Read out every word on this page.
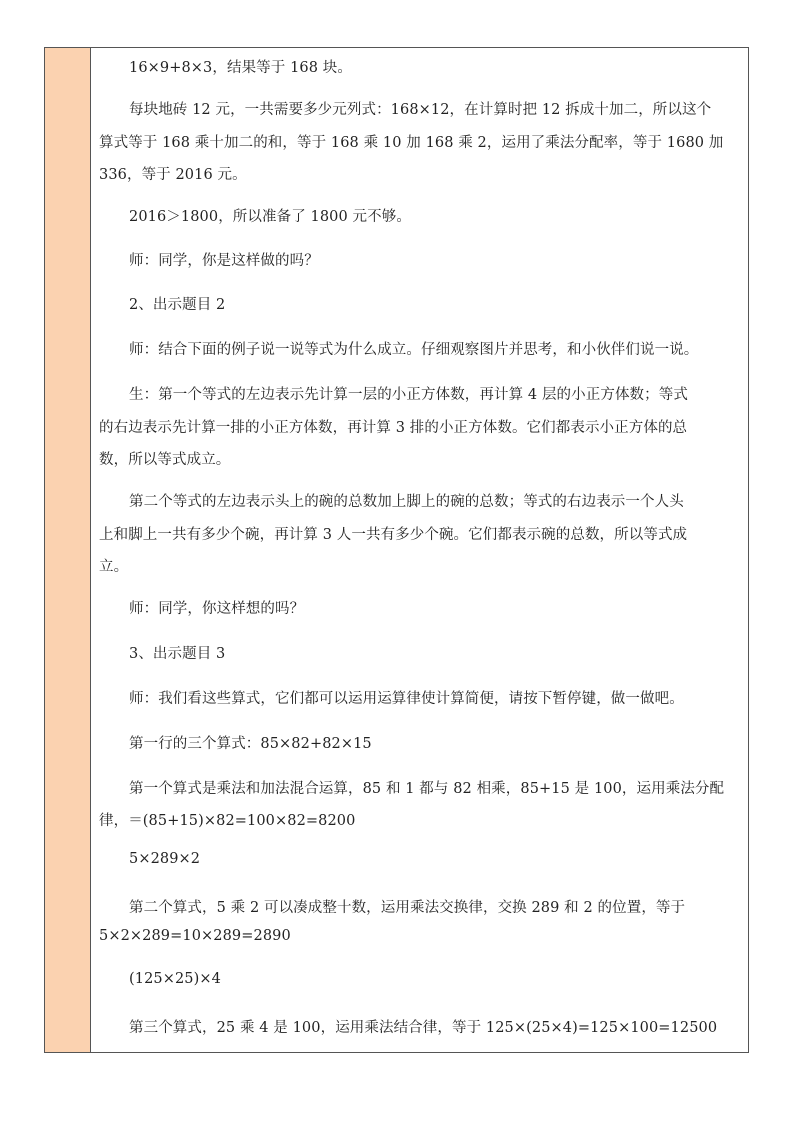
16×9+8×3，结果等于 168 块。
每块地砖 12 元，一共需要多少元列式：168×12，在计算时把 12 拆成十加二，所以这个
算式等于 168 乘十加二的和，等于 168 乘 10 加 168 乘 2，运用了乘法分配率，等于 1680 加
336，等于 2016 元。
2016＞1800，所以准备了 1800 元不够。
师：同学，你是这样做的吗？
2、出示题目 2
师：结合下面的例子说一说等式为什么成立。仔细观察图片并思考，和小伙伴们说一说。
生：第一个等式的左边表示先计算一层的小正方体数，再计算 4 层的小正方体数；等式
的右边表示先计算一排的小正方体数，再计算 3 排的小正方体数。它们都表示小正方体的总
数，所以等式成立。
第二个等式的左边表示头上的碗的总数加上脚上的碗的总数；等式的右边表示一个人头
上和脚上一共有多少个碗，再计算 3 人一共有多少个碗。它们都表示碗的总数，所以等式成
立。
师：同学，你这样想的吗？
3、出示题目 3
师：我们看这些算式，它们都可以运用运算律使计算简便，请按下暂停键，做一做吧。
第一行的三个算式：85×82+82×15
第一个算式是乘法和加法混合运算，85 和 1 都与 82 相乘，85+15 是 100，运用乘法分配
律，＝(85+15)×82=100×82=8200
5×289×2
第二个算式，5 乘 2 可以凑成整十数，运用乘法交换律，交换 289 和 2 的位置，等于
5×2×289=10×289=2890
(125×25)×4
第三个算式，25 乘 4 是 100，运用乘法结合律，等于 125×(25×4)=125×100=12500
